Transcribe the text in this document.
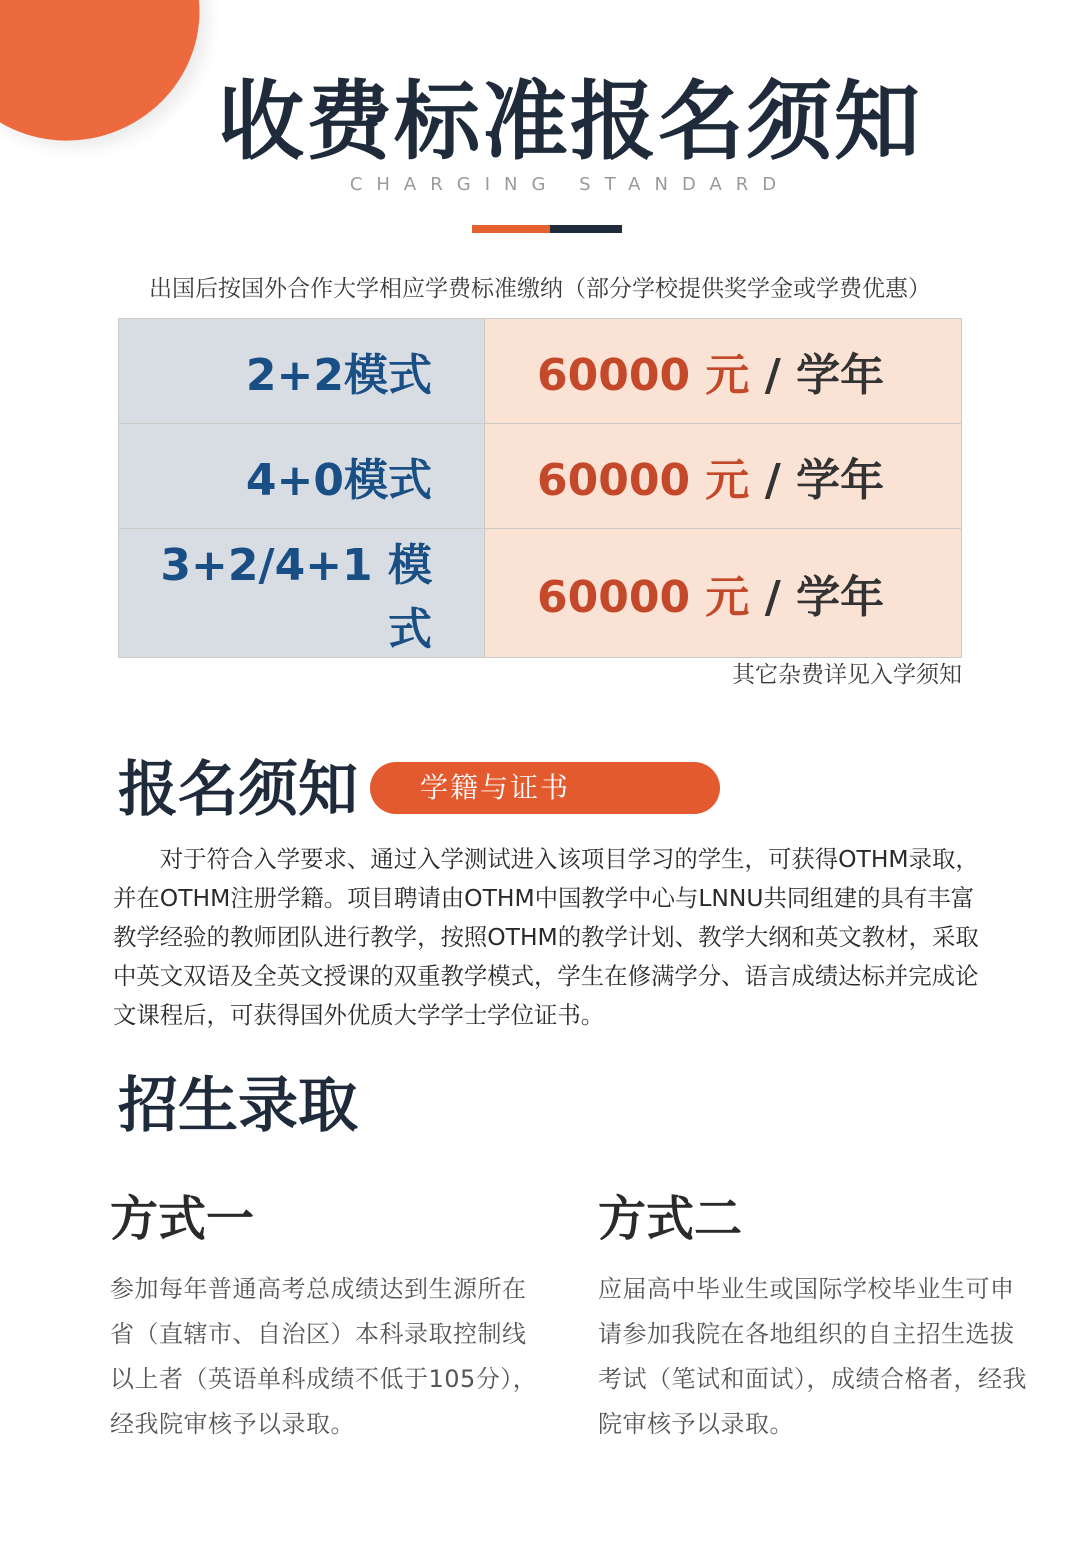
收费标准报名须知
CHARGING STANDARD
出国后按国外合作大学相应学费标准缴纳（部分学校提供奖学金或学费优惠）
2+2模式	60000 元 / 学年
4+0模式	60000 元 / 学年
3+2/4+1 模式	60000 元 / 学年
其它杂费详见入学须知
报名须知	学籍与证书
对于符合入学要求、通过入学测试进入该项目学习的学生，可获得OTHM录取，并在OTHM注册学籍。项目聘请由OTHM中国教学中心与LNNU共同组建的具有丰富教学经验的教师团队进行教学，按照OTHM的教学计划、教学大纲和英文教材，采取中英文双语及全英文授课的双重教学模式，学生在修满学分、语言成绩达标并完成论文课程后，可获得国外优质大学学士学位证书。
招生录取
方式一
参加每年普通高考总成绩达到生源所在省（直辖市、自治区）本科录取控制线以上者（英语单科成绩不低于105分），经我院审核予以录取。
方式二
应届高中毕业生或国际学校毕业生可申请参加我院在各地组织的自主招生选拔考试（笔试和面试），成绩合格者，经我院审核予以录取。
